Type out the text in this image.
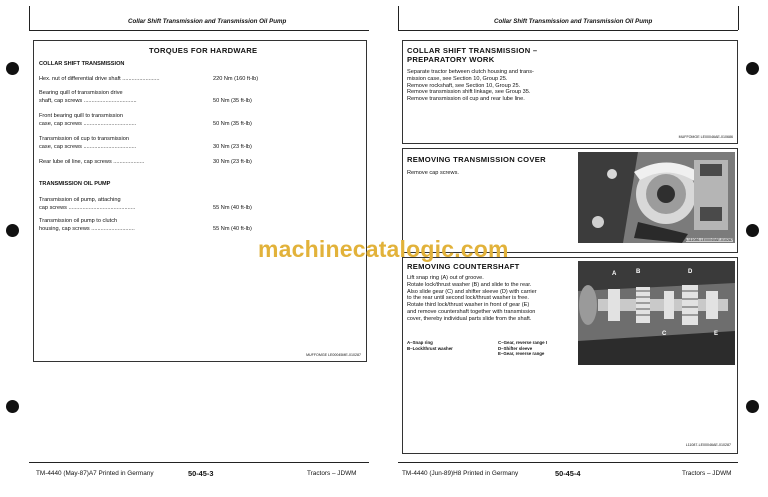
Collar Shift Transmission and Transmission Oil Pump
TORQUES FOR HARDWARE
COLLAR SHIFT TRANSMISSION
Hex. nut of differential drive shaft ........................	220 Nm (160 ft-lb)
Bearing quill of transmission drive
shaft, cap screws ..................................	50 Nm (35 ft-lb)
Front bearing quill to transmission
case, cap screws ..................................	50 Nm (35 ft-lb)
Transmission oil cup to transmission
case, cap screws ..................................	30 Nm (23 ft-lb)
Rear lube oil line, cap screws ....................	30 Nm (23 ft-lb)
TRANSMISSION OIL PUMP
Transmission oil pump, attaching
cap screws ...........................................	55 Nm (40 ft-lb)
Transmission oil pump to clutch
housing, cap screws ............................	55 Nm (40 ft-lb)
MUFFOMGE LE00045ME-010287
TM-4440 (May-87)A7 Printed in Germany	50-45-3	Tractors – JDWM
Collar Shift Transmission and Transmission Oil Pump
COLLAR SHIFT TRANSMISSION –
PREPARATORY WORK
Separate tractor between clutch housing and trans-
mission case, see Section 10, Group 25.
Remove rockshaft, see Section 10, Group 25.
Remove transmission shift linkage, see Group 35.
Remove transmission oil cup and rear lube line.
MUFFOMGE LE00046AE-010686
REMOVING TRANSMISSION COVER
Remove cap screws.
L111086-LE00040AE-010287
REMOVING COUNTERSHAFT
Lift snap ring (A) out of groove.
Rotate lock/thrust washer (B) and slide to the rear.
Also slide gear (C) and shifter sleeve (D) with carrier
to the rear until second lock/thrust washer is free.
Rotate third lock/thrust washer in front of gear (E)
and remove countershaft together with transmission
cover, thereby individual parts slide from the shaft.
A–Snap ring
B–Lock/thrust washer
C–Gear, reverse range I
D–Shifter sleeve
E–Gear, reverse range
A	B
C
D
E
L11087-LE00046AE-010287
TM-4440 (Jun-89)H8 Printed in Germany	50-45-4	Tractors – JDWM
machinecatalogic.com
